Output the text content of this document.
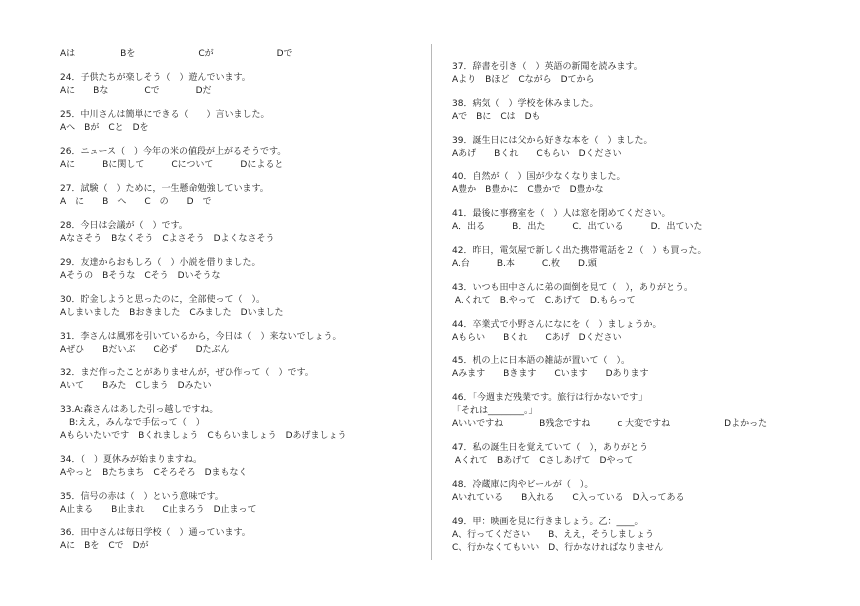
Aは　　　　　Bを　　　　　　　Cが　　　　　　　Dで
24．子供たちが楽しそう（　）遊んでいます。
Aに　　Bな　　　　Cで　　　　Dだ
25．中川さんは簡単にできる（　　）言いました。
Aへ　Bが　Cと　Dを
26．ニュース（　）今年の米の値段が上がるそうです。
Aに　　　Bに関して　　　Cについて　　　Dによると
27．試験（　）ために，一生懸命勉強しています。
A　に　　B　へ　　C　の　　D　で
28．今日は会議が（　）です。
Aなさそう　Bなくそう　Cよさそう　Dよくなさそう
29．友達からおもしろ（　）小説を借りました。
Aそうの　Bそうな　Cそう　Dいそうな
30．貯金しようと思ったのに，全部使って（　）。
Aしまいました　Bおきました　Cみました　Dいました
31．李さんは風邪を引いているから，今日は（　）来ないでしょう。
Aぜひ　　Bだいぶ　　C必ず　　Dたぶん
32．まだ作ったことがありませんが，ぜひ作って（　）です。
Aいて　　Bみた　Cしまう　Dみたい
33.A:森さんはあした引っ越しですね。
　B:ええ，みんなで手伝って（　）
Aもらいたいです　Bくれましょう　Cもらいましょう　Dあげましょう
34．（　）夏休みが始まりますね。
Aやっと　Bたちまち　Cそろそろ　Dまもなく
35．信号の赤は（　）という意味です。
A止まる　　B止まれ　　C止まろう　D止まって
36．田中さんは毎日学校（　）通っています。
Aに　Bを　Cで　Dが
37．辞書を引き（　）英語の新聞を読みます。
Aより　Bほど　Cながら　Dてから
38．病気（　）学校を休みました。
Aで　Bに　Cは　Dも
39．誕生日には父から好きな本を（　）ました。
Aあげ　　Bくれ　　Cもらい　Dください
40．自然が（　）国が少なくなりました。
A豊か　B豊かに　C豊かで　D豊かな
41．最後に事務室を（　）人は窓を閉めてください。
A．出る　　　B．出た　　　C．出ている　　　D．出ていた
42．昨日，電気屋で新しく出た携帯電話を２（　）も買った。
A.台　　　B.本　　　C.枚　　D.頭
43．いつも田中さんに弟の面倒を見て（　），ありがとう。
A.くれて　B.やって　C.あげて　D.もらって
44．卒業式で小野さんになにを（　）ましょうか。
Aもらい　　Bくれ　　Cあげ　Dください
45．机の上に日本語の雑誌が置いて（　）。
Aみます　　Bきます　　Cいます　　Dあります
46．「今週まだ残業です。旅行は行かないです」
「それは________。」
Aいいですね　　　　B残念ですね　　　c 大変ですね　　　　　　Dよかった
47．私の誕生日を覚えていて（　），ありがとう
Aくれて　Bあげて　Cさしあげて　Dやって
48．冷蔵庫に肉やビールが（　）。
Aいれている　　B入れる　　C入っている　D入ってある
49．甲：映画を見に行きましょう。乙：____。
A、行ってください　　B、ええ，そうしましょう
C、行かなくてもいい　D、行かなければなりません
